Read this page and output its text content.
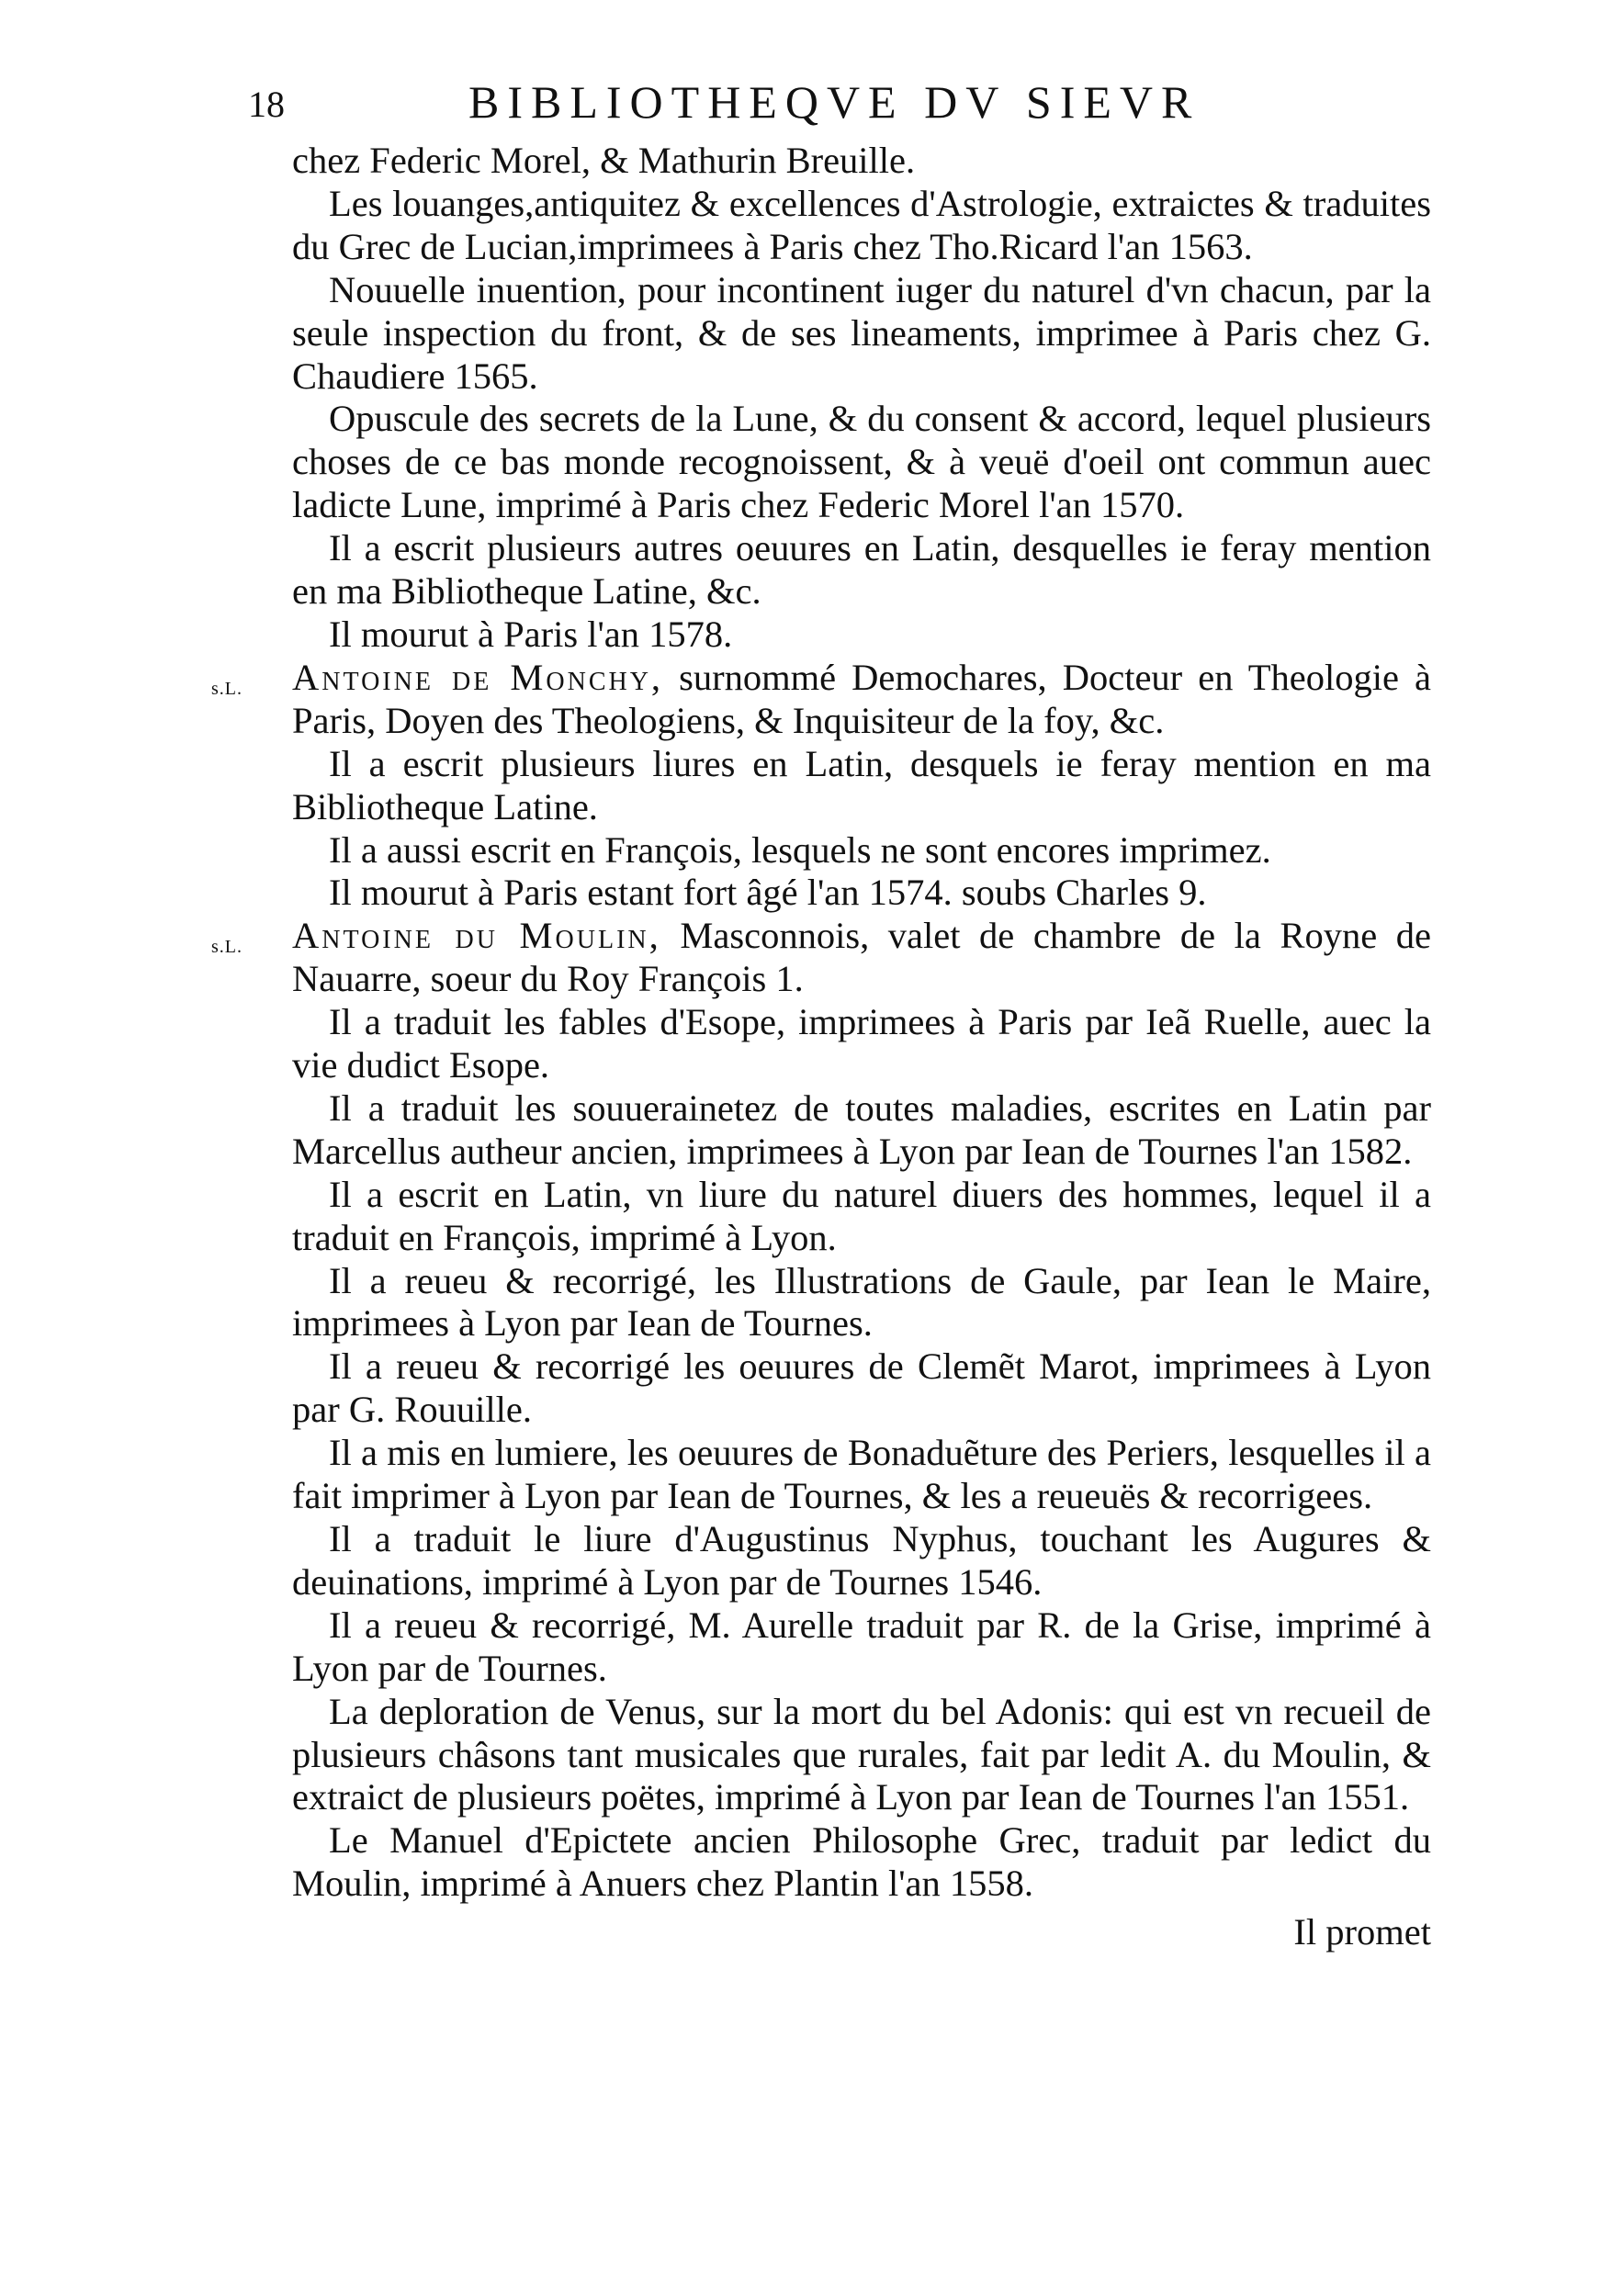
18	BIBLIOTHEQVE DV SIEVR

chez Federic Morel, & Mathurin Breuille.

Les louanges,antiquitez & excellences d'Astrologie, extraictes & traduites du Grec de Lucian,imprimees à Paris chez Tho.Ricard l'an 1563.

Nouuelle inuention, pour incontinent iuger du naturel d'vn chacun, par la seule inspection du front, & de ses lineaments, imprimee à Paris chez G. Chaudiere 1565.

Opuscule des secrets de la Lune, & du consent & accord, lequel plusieurs choses de ce bas monde recognoissent, & à veuë d'oeil ont commun auec ladicte Lune, imprimé à Paris chez Federic Morel l'an 1570.

Il a escrit plusieurs autres oeuures en Latin, desquelles ie feray mention en ma Bibliotheque Latine, &c.

Il mourut à Paris l'an 1578.

s.L. Antoine de Monchy, surnommé Demochares, Docteur en Theologie à Paris, Doyen des Theologiens, & Inquisiteur de la foy, &c.

Il a escrit plusieurs liures en Latin, desquels ie feray mention en ma Bibliotheque Latine.

Il a aussi escrit en François, lesquels ne sont encores imprimez.

Il mourut à Paris estant fort âgé l'an 1574. soubs Charles 9.

s.L. Antoine du Moulin, Masconnois, valet de chambre de la Royne de Nauarre, soeur du Roy François 1.

Il a traduit les fables d'Esope, imprimees à Paris par Ieã Ruelle, auec la vie dudict Esope.

Il a traduit les souuerainetez de toutes maladies, escrites en Latin par Marcellus autheur ancien, imprimees à Lyon par Iean de Tournes l'an 1582.

Il a escrit en Latin, vn liure du naturel diuers des hommes, lequel il a traduit en François, imprimé à Lyon.

Il a reueu & recorrigé, les Illustrations de Gaule, par Iean le Maire, imprimees à Lyon par Iean de Tournes.

Il a reueu & recorrigé les oeuures de Clemẽt Marot, imprimees à Lyon par G. Rouuille.

Il a mis en lumiere, les oeuures de Bonaduẽture des Periers, lesquelles il a fait imprimer à Lyon par Iean de Tournes, & les a reueuës & recorrigees.

Il a traduit le liure d'Augustinus Nyphus, touchant les Augures & deuinations, imprimé à Lyon par de Tournes 1546.

Il a reueu & recorrigé, M. Aurelle traduit par R. de la Grise, imprimé à Lyon par de Tournes.

La deploration de Venus, sur la mort du bel Adonis: qui est vn recueil de plusieurs châsons tant musicales que rurales, fait par ledit A. du Moulin, & extraict de plusieurs poëtes, imprimé à Lyon par Iean de Tournes l'an 1551.

Le Manuel d'Epictete ancien Philosophe Grec, traduit par ledict du Moulin, imprimé à Anuers chez Plantin l'an 1558.

Il promet
